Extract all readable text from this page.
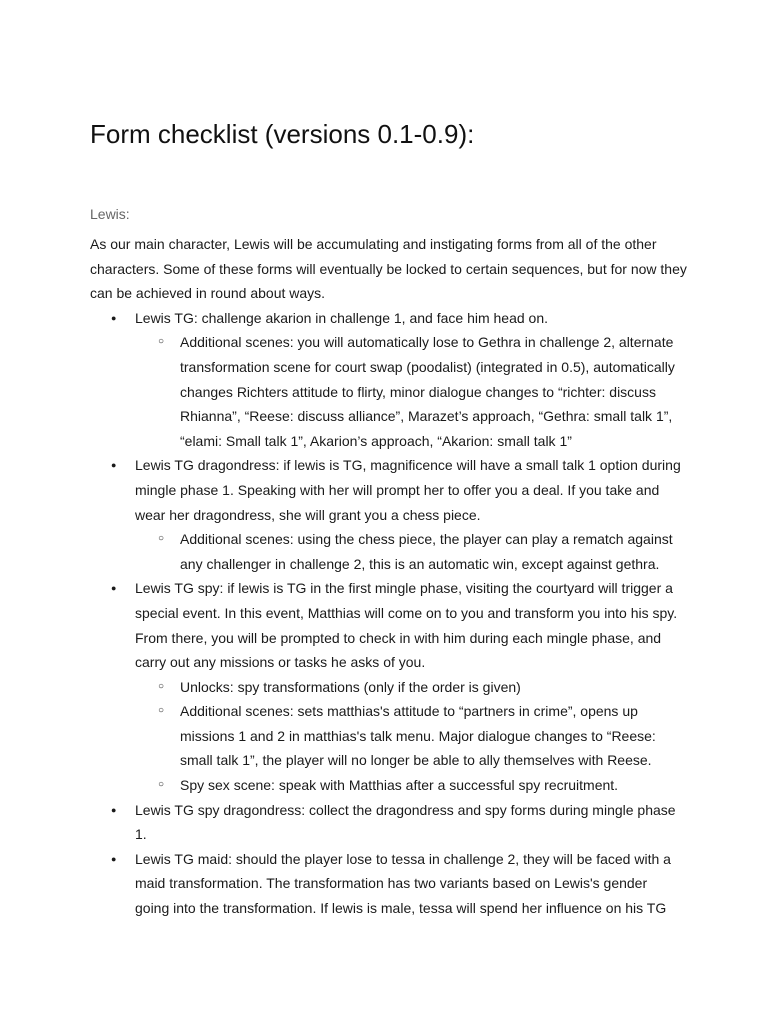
Form checklist (versions 0.1-0.9):

Lewis:

As our main character, Lewis will be accumulating and instigating forms from all of the other characters. Some of these forms will eventually be locked to certain sequences, but for now they can be achieved in round about ways.

● Lewis TG: challenge akarion in challenge 1, and face him head on.
○ Additional scenes: you will automatically lose to Gethra in challenge 2, alternate transformation scene for court swap (poodalist) (integrated in 0.5), automatically changes Richters attitude to flirty, minor dialogue changes to “richter: discuss Rhianna”, “Reese: discuss alliance”, Marazet’s approach, “Gethra: small talk 1”, “elami: Small talk 1”, Akarion’s approach, “Akarion: small talk 1”
● Lewis TG dragondress: if lewis is TG, magnificence will have a small talk 1 option during mingle phase 1. Speaking with her will prompt her to offer you a deal. If you take and wear her dragondress, she will grant you a chess piece.
○ Additional scenes: using the chess piece, the player can play a rematch against any challenger in challenge 2, this is an automatic win, except against gethra.
● Lewis TG spy: if lewis is TG in the first mingle phase, visiting the courtyard will trigger a special event. In this event, Matthias will come on to you and transform you into his spy. From there, you will be prompted to check in with him during each mingle phase, and carry out any missions or tasks he asks of you.
○ Unlocks: spy transformations (only if the order is given)
○ Additional scenes: sets matthias's attitude to “partners in crime”, opens up missions 1 and 2 in matthias's talk menu. Major dialogue changes to “Reese: small talk 1”, the player will no longer be able to ally themselves with Reese.
○ Spy sex scene: speak with Matthias after a successful spy recruitment.
● Lewis TG spy dragondress: collect the dragondress and spy forms during mingle phase 1.
● Lewis TG maid: should the player lose to tessa in challenge 2, they will be faced with a maid transformation. The transformation has two variants based on Lewis's gender going into the transformation. If lewis is male, tessa will spend her influence on his TG
